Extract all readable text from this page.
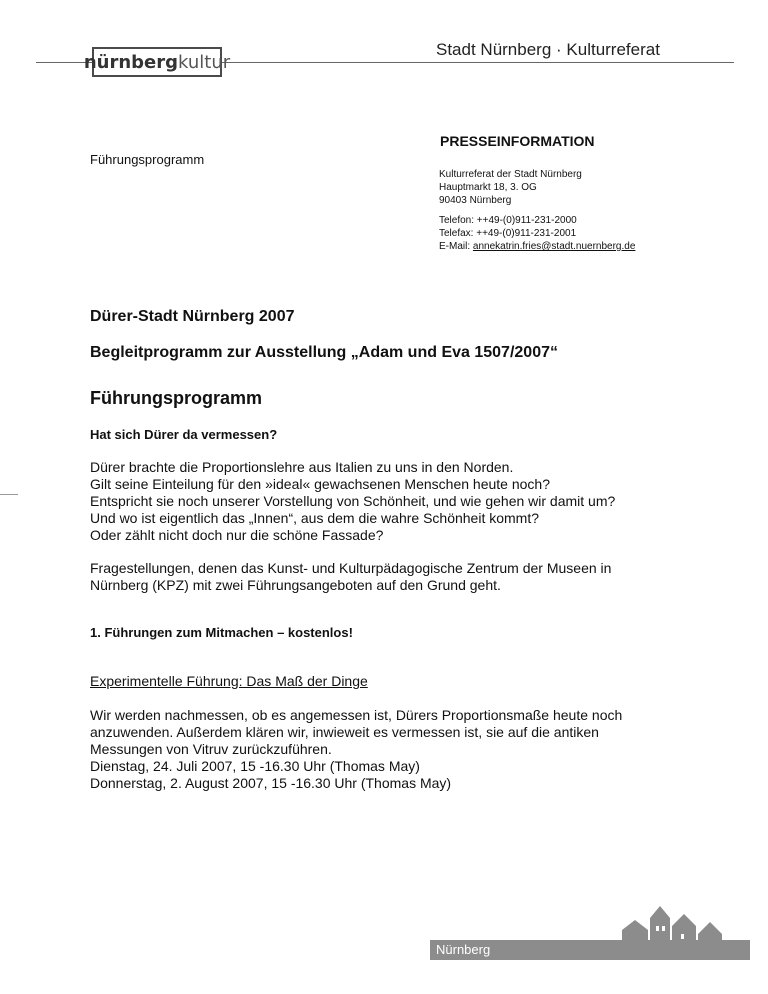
nürnberg kultur
Stadt Nürnberg · Kulturreferat
PRESSEINFORMATION
Führungsprogramm
Kulturreferat der Stadt Nürnberg
Hauptmarkt 18, 3. OG
90403 Nürnberg
Telefon: ++49-(0)911-231-2000
Telefax: ++49-(0)911-231-2001
E-Mail: annekatrin.fries@stadt.nuernberg.de
Dürer-Stadt Nürnberg 2007
Begleitprogramm zur Ausstellung „Adam und Eva 1507/2007“
Führungsprogramm
Hat sich Dürer da vermessen?
Dürer brachte die Proportionslehre aus Italien zu uns in den Norden.
Gilt seine Einteilung für den »ideal« gewachsenen Menschen heute noch?
Entspricht sie noch unserer Vorstellung von Schönheit, und wie gehen wir damit um?
Und wo ist eigentlich das „Innen“, aus dem die wahre Schönheit kommt?
Oder zählt nicht doch nur die schöne Fassade?
Fragestellungen, denen das Kunst- und Kulturpädagogische Zentrum der Museen in
Nürnberg (KPZ) mit zwei Führungsangeboten auf den Grund geht.
1. Führungen zum Mitmachen – kostenlos!
Experimentelle Führung: Das Maß der Dinge
Wir werden nachmessen, ob es angemessen ist, Dürers Proportionsmaße heute noch
anzuwenden. Außerdem klären wir, inwieweit es vermessen ist, sie auf die antiken
Messungen von Vitruv zurückzuführen.
Dienstag, 24. Juli 2007, 15 -16.30 Uhr (Thomas May)
Donnerstag, 2. August 2007, 15 -16.30 Uhr (Thomas May)
Nürnberg
